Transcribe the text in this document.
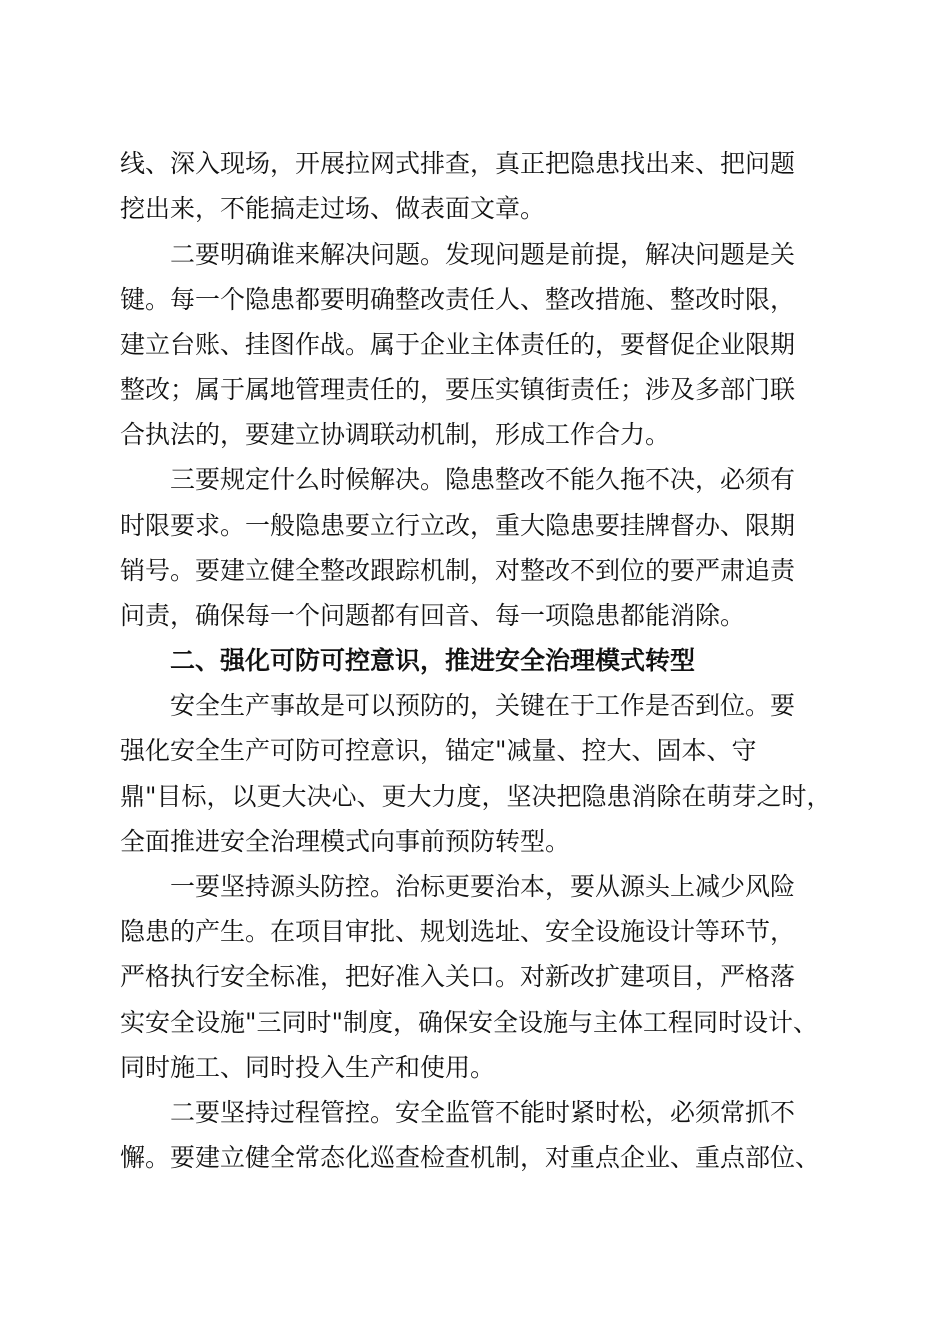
线、深入现场，开展拉网式排查，真正把隐患找出来、把问题
挖出来，不能搞走过场、做表面文章。
二要明确谁来解决问题。发现问题是前提，解决问题是关
键。每一个隐患都要明确整改责任人、整改措施、整改时限，
建立台账、挂图作战。属于企业主体责任的，要督促企业限期
整改；属于属地管理责任的，要压实镇街责任；涉及多部门联
合执法的，要建立协调联动机制，形成工作合力。
三要规定什么时候解决。隐患整改不能久拖不决，必须有
时限要求。一般隐患要立行立改，重大隐患要挂牌督办、限期
销号。要建立健全整改跟踪机制，对整改不到位的要严肃追责
问责，确保每一个问题都有回音、每一项隐患都能消除。
二、强化可防可控意识，推进安全治理模式转型
安全生产事故是可以预防的，关键在于工作是否到位。要
强化安全生产可防可控意识，锚定"减量、控大、固本、守
鼎"目标，以更大决心、更大力度，坚决把隐患消除在萌芽之时，
全面推进安全治理模式向事前预防转型。
一要坚持源头防控。治标更要治本，要从源头上减少风险
隐患的产生。在项目审批、规划选址、安全设施设计等环节，
严格执行安全标准，把好准入关口。对新改扩建项目，严格落
实安全设施"三同时"制度，确保安全设施与主体工程同时设计、
同时施工、同时投入生产和使用。
二要坚持过程管控。安全监管不能时紧时松，必须常抓不
懈。要建立健全常态化巡查检查机制，对重点企业、重点部位、
